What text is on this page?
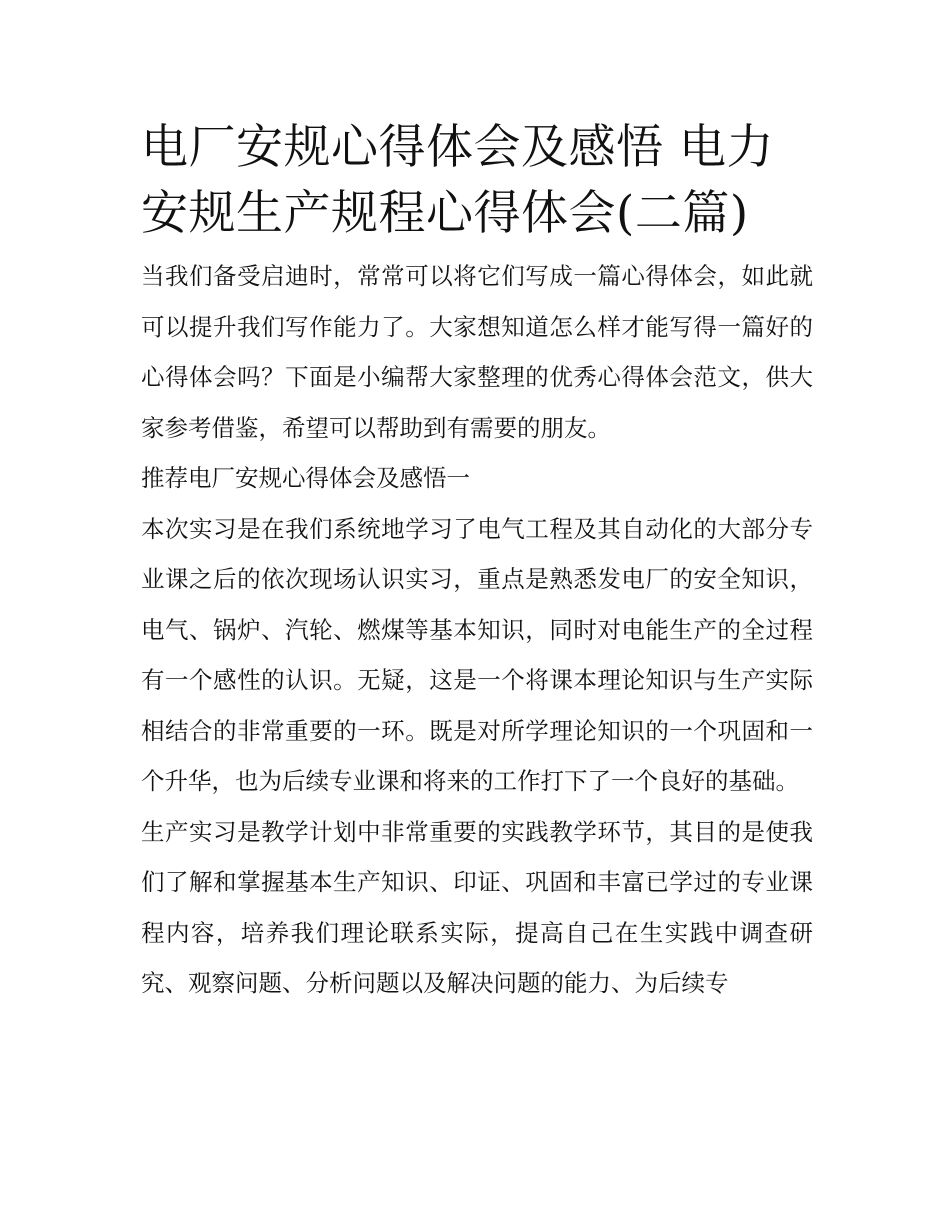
电厂安规心得体会及感悟 电力安规生产规程心得体会(二篇)

当我们备受启迪时，常常可以将它们写成一篇心得体会，如此就可以提升我们写作能力了。大家想知道怎么样才能写得一篇好的心得体会吗？下面是小编帮大家整理的优秀心得体会范文，供大家参考借鉴，希望可以帮助到有需要的朋友。

推荐电厂安规心得体会及感悟一

本次实习是在我们系统地学习了电气工程及其自动化的大部分专业课之后的依次现场认识实习，重点是熟悉发电厂的安全知识，电气、锅炉、汽轮、燃煤等基本知识，同时对电能生产的全过程有一个感性的认识。无疑，这是一个将课本理论知识与生产实际相结合的非常重要的一环。既是对所学理论知识的一个巩固和一个升华，也为后续专业课和将来的工作打下了一个良好的基础。

生产实习是教学计划中非常重要的实践教学环节，其目的是使我们了解和掌握基本生产知识、印证、巩固和丰富已学过的专业课程内容，培养我们理论联系实际，提高自己在生实践中调查研究、观察问题、分析问题以及解决问题的能力、为后续专
